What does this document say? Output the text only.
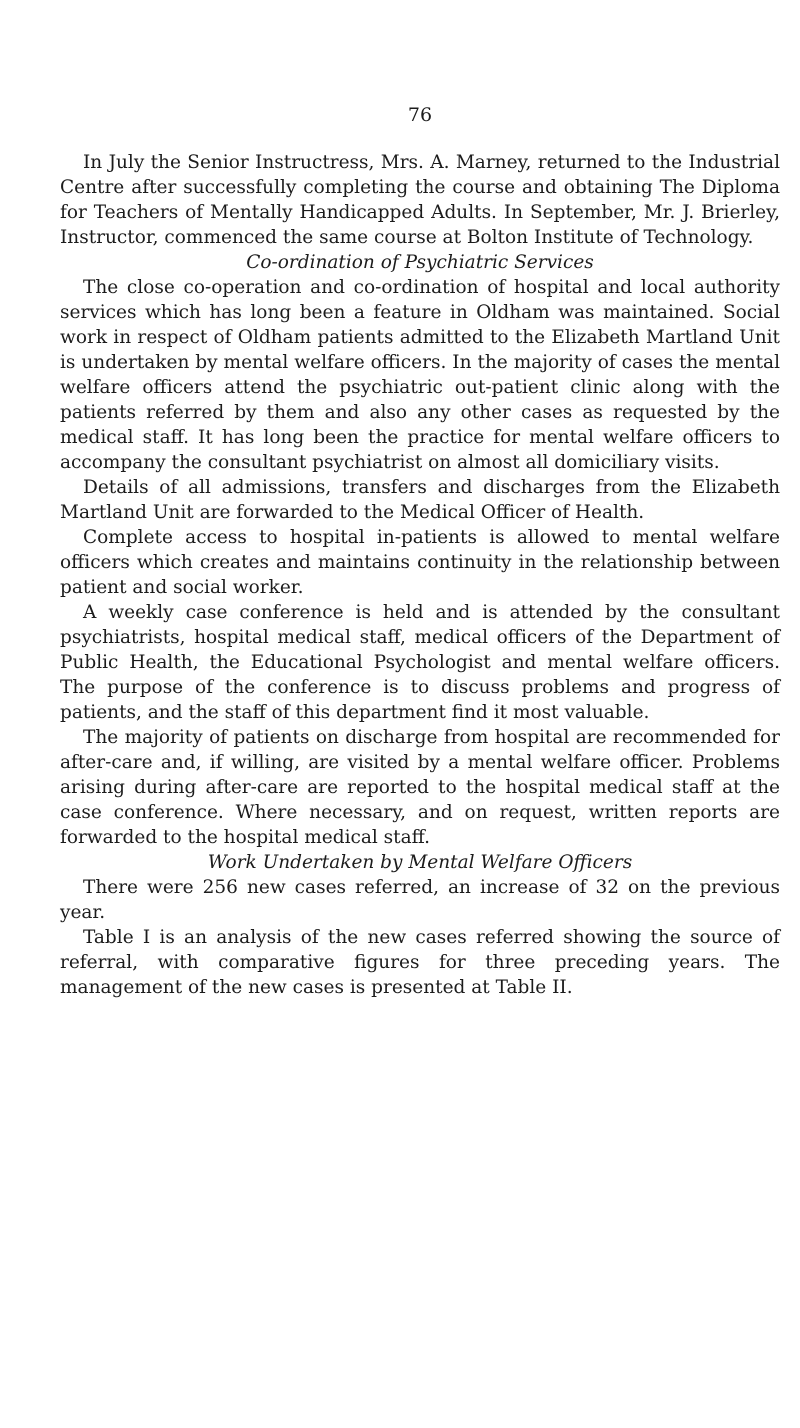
76

In July the Senior Instructress, Mrs. A. Marney, returned to the Industrial Centre after successfully completing the course and obtaining The Diploma for Teachers of Mentally Handicapped Adults. In September, Mr. J. Brierley, Instructor, commenced the same course at Bolton Institute of Technology.

Co-ordination of Psychiatric Services

The close co-operation and co-ordination of hospital and local authority services which has long been a feature in Oldham was maintained. Social work in respect of Oldham patients admitted to the Elizabeth Martland Unit is undertaken by mental welfare officers. In the majority of cases the mental welfare officers attend the psychiatric out-patient clinic along with the patients referred by them and also any other cases as requested by the medical staff. It has long been the practice for mental welfare officers to accompany the consultant psychiatrist on almost all domiciliary visits.

Details of all admissions, transfers and discharges from the Elizabeth Martland Unit are forwarded to the Medical Officer of Health.

Complete access to hospital in-patients is allowed to mental welfare officers which creates and maintains continuity in the relationship between patient and social worker.

A weekly case conference is held and is attended by the consultant psychiatrists, hospital medical staff, medical officers of the Department of Public Health, the Educational Psychologist and mental welfare officers. The purpose of the conference is to discuss problems and progress of patients, and the staff of this department find it most valuable.

The majority of patients on discharge from hospital are recommended for after-care and, if willing, are visited by a mental welfare officer. Problems arising during after-care are reported to the hospital medical staff at the case conference. Where necessary, and on request, written reports are forwarded to the hospital medical staff.

Work Undertaken by Mental Welfare Officers

There were 256 new cases referred, an increase of 32 on the previous year.

Table I is an analysis of the new cases referred showing the source of referral, with comparative figures for three preceding years. The management of the new cases is presented at Table II.
